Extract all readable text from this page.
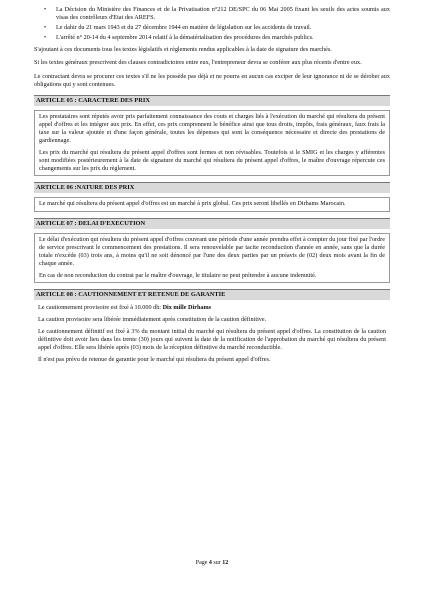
• La Décision du Ministère des Finances et de la Privatisation n°212 DE/SPC du 06 Mai 2005 fixant les seuils des actes soumis aux visas des contrôleurs d'Etat des AREFS.
• Le dahir du 21 mars 1943 et du 27 décembre 1944 en matière de législation sur les accidents de travail.
• L'arrêté n° 20-14 du 4 septembre 2014 relatif à la dématérialisation des procédures des marchés publics.

S'ajoutant à ces documents tous les textes législatifs et règlements rendus applicables à la date de signature des marchés.

Si les textes généraux prescrivent des clauses contradictoires entre eux, l'entrepreneur devra se conférer aux plus récents d'entre eux.

Le contractant devra se procurer ces textes s'il ne les possède pas déjà et ne pourra en aucun cas exciper de leur ignorance ni de se dérober aux obligations qui y sont contenues.

ARTICLE 05 : CARACTERE DES PRIX

Les prestataires sont réputés avoir pris parfaitement connaissance des couts et charges liés à l'exécution du marché qui résultera du présent appel d'offres et les intégrer aux prix. En effet, ces prix comprennent le bénéfice ainsi que tous droits, impôts, frais généraux, faux frais la taxe sur la valeur ajoutée et d'une façon générale, toutes les dépenses qui sont la conséquence nécessaire et directe des prestations de gardiennage.

Les prix du marché qui résultera du présent appel d'offres sont fermes et non révisables. Toutefois si le SMIG et les charges y afférentes sont modifiées postérieurement à la date de signature du marché qui résultera du présent appel d'offres, le maître d'ouvrage répercute ces changements sur les prix du règlement.

ARTICLE 06 :NATURE DES PRIX

Le marché qui résultera du présent appel d'offres est un marché à prix global. Ces prix seront libellés en Dirhams Marocain.

ARTICLE 07 : DELAI D'EXECUTION

Le délai d'exécution qui résultera du présent appel d'offres couvrant une période d'une année prendra effet à compter du jour fixé par l'ordre de service prescrivant le commencement des prestations. Il sera renouvelable par tacite reconduction d'année en année, sans que la durée totale n'excède (03) trois ans, à moins qu'il ne soit dénoncé par l'une des deux parties par un préavis de (02) deux mois avant la fin de chaque année.

En cas de non reconduction du contrat par le maître d'ouvrage, le titulaire ne peut prétendre à aucune indemnité.

ARTICLE 08 : CAUTIONNEMENT ET RETENUE DE GARANTIE

Le cautionnement provisoire est fixé à 10.000 dh: Dix mille Dirhams

La caution provisoire sera libérée immédiatement après constitution de la caution définitive.

Le cautionnement définitif est fixé à 3% du montant initial du marché qui résultera du présent appel d'offres. La constitution de la caution définitive doit avoir lieu dans les trente (30) jours qui suivent la date de la notification de l'approbation du marché qui résultera du présent appel d'offres. Elle sera libérée après (03) mois de la réception définitive du marché reconductible.

Il n'est pas prévu de retenue de garantie pour le marché qui résultera du présent appel d'offres.

Page 4 sur 12
